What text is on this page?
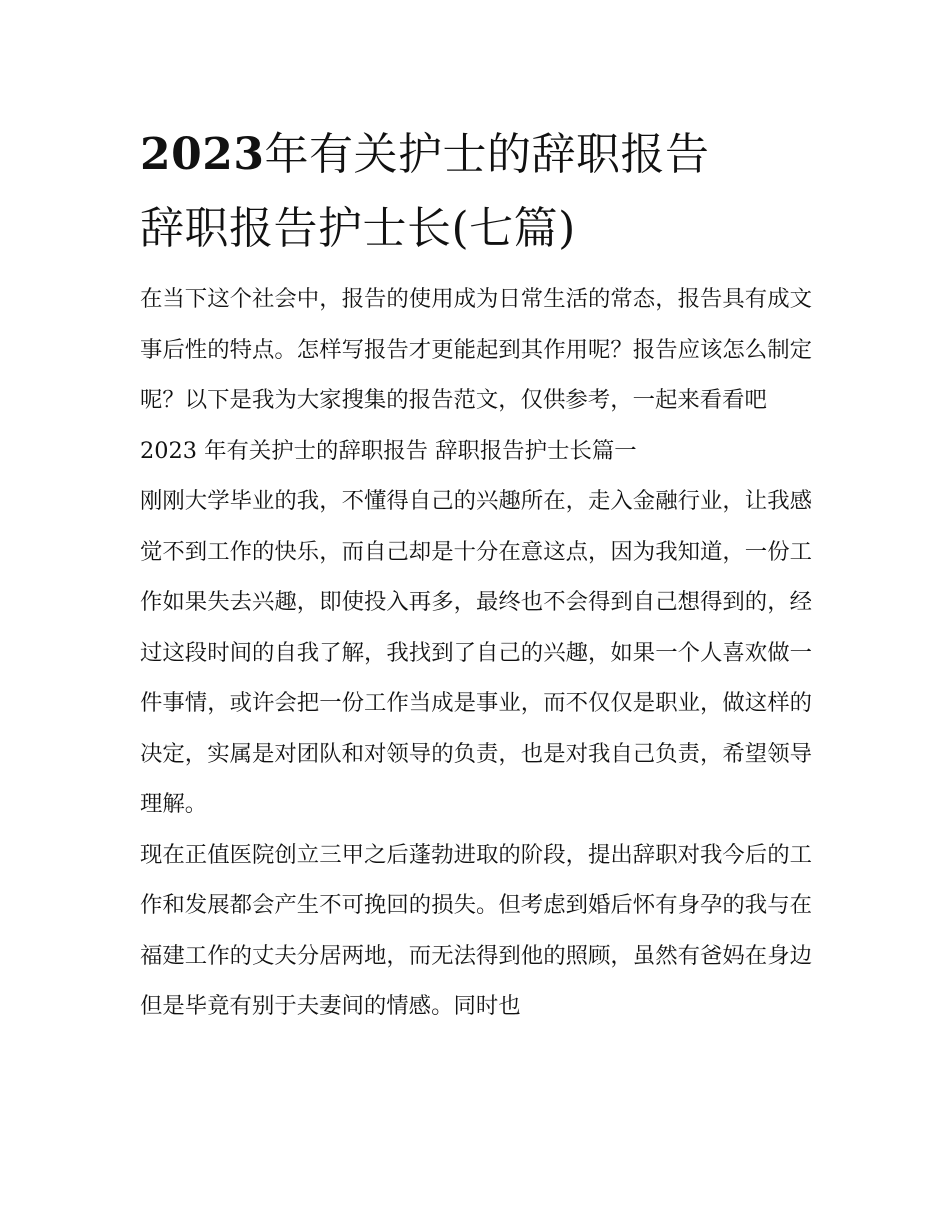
2023年有关护士的辞职报告
辞职报告护士长(七篇)

在当下这个社会中，报告的使用成为日常生活的常态，报告具有成文事后性的特点。怎样写报告才更能起到其作用呢？报告应该怎么制定呢？以下是我为大家搜集的报告范文，仅供参考，一起来看看吧

2023 年有关护士的辞职报告 辞职报告护士长篇一

刚刚大学毕业的我，不懂得自己的兴趣所在，走入金融行业，让我感觉不到工作的快乐，而自己却是十分在意这点，因为我知道，一份工作如果失去兴趣，即使投入再多，最终也不会得到自己想得到的，经过这段时间的自我了解，我找到了自己的兴趣，如果一个人喜欢做一件事情，或许会把一份工作当成是事业，而不仅仅是职业，做这样的决定，实属是对团队和对领导的负责，也是对我自己负责，希望领导理解。

现在正值医院创立三甲之后蓬勃进取的阶段，提出辞职对我今后的工作和发展都会产生不可挽回的损失。但考虑到婚后怀有身孕的我与在福建工作的丈夫分居两地，而无法得到他的照顾，虽然有爸妈在身边但是毕竟有别于夫妻间的情感。同时也
